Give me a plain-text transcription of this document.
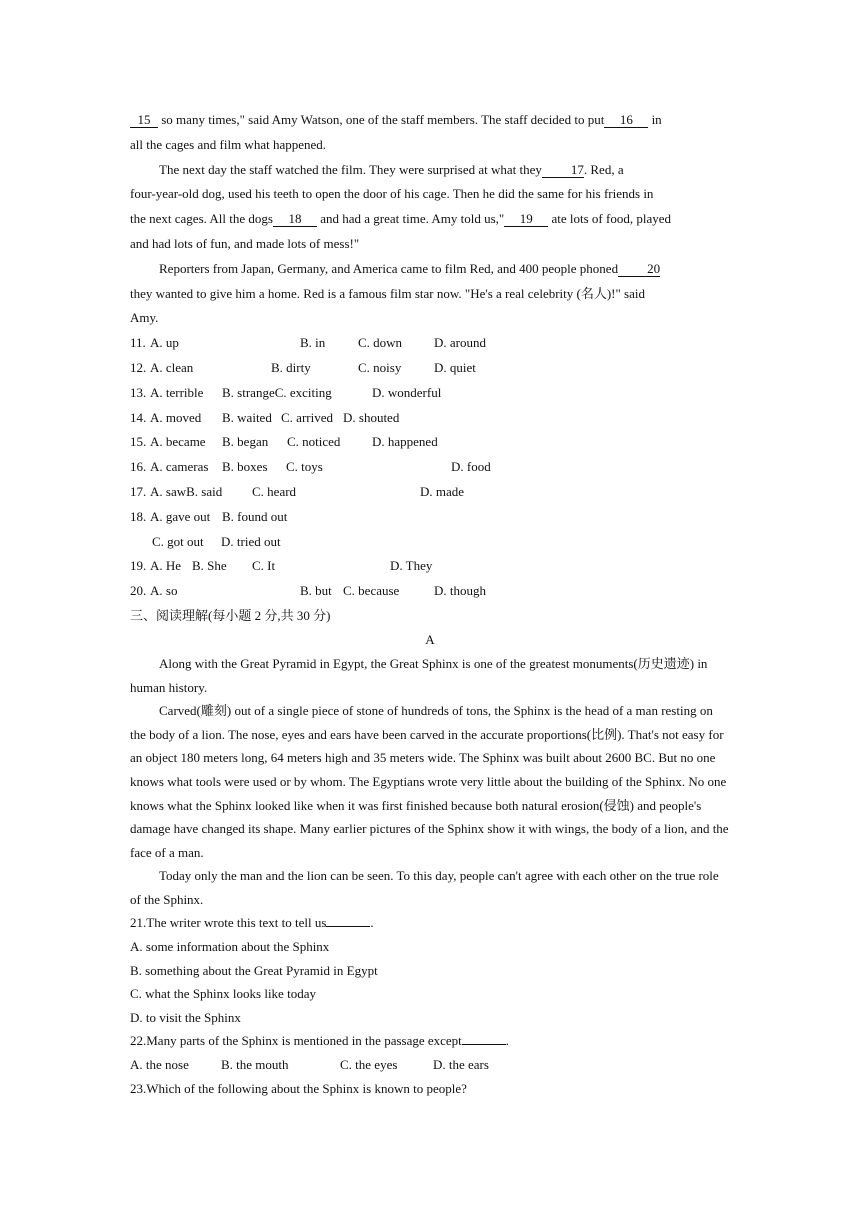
15 so many times," said Amy Watson, one of the staff members. The staff decided to put 16 in
all the cages and film what happened.

The next day the staff watched the film. They were surprised at what they 17. Red, a

four-year-old dog, used his teeth to open the door of his cage. Then he did the same for his friends in
the next cages. All the dogs 18 and had a great time. Amy told us," 19 ate lots of food, played
and had lots of fun, and made lots of mess!"

Reporters from Japan, Germany, and America came to film Red, and 400 people phoned 20

they wanted to give him a home. Red is a famous film star now. "He's a real celebrity (名人)!" said
Amy.

11. A. up	B. in	C. down D. around
12. A. clean	B. dirty	C. noisy	D. quiet
13. A. terrible B. strangeC. exciting	D. wonderful
14. A. moved B. waited C. arrived D. shouted
15. A. became B. began C. noticed D. happened
16. A. cameras B. boxes C. toys	D. food
17. A. sawB. said C. heard	D. made
18. A. gave out B. found out
C. got out D. tried out
19. A. He B. She C. It	D. They
20. A. so	B. but C. because	D. though

三、阅读理解(每小题 2 分,共 30 分)

A

Along with the Great Pyramid in Egypt, the Great Sphinx is one of the greatest monuments(历史遗迹) in human history.

Carved(雕刻) out of a single piece of stone of hundreds of tons, the Sphinx is the head of a man resting on the body of a lion. The nose, eyes and ears have been carved in the accurate proportions(比例). That's not easy for an object 180 meters long, 64 meters high and 35 meters wide. The Sphinx was built about 2600 BC. But no one knows what tools were used or by whom. The Egyptians wrote very little about the building of the Sphinx. No one knows what the Sphinx looked like when it was first finished because both natural erosion(侵蚀) and people's damage have changed its shape. Many earlier pictures of the Sphinx show it with wings, the body of a lion, and the face of a man.

Today only the man and the lion can be seen. To this day, people can't agree with each other on the true role of the Sphinx.

21.The writer wrote this text to tell us	.

A. some information about the Sphinx

B. something about the Great Pyramid in Egypt

C. what the Sphinx looks like today

D. to visit the Sphinx

22.Many parts of the Sphinx is mentioned in the passage except	.

A. the nose B. the mouth	C. the eyes	D. the ears

23.Which of the following about the Sphinx is known to people?
